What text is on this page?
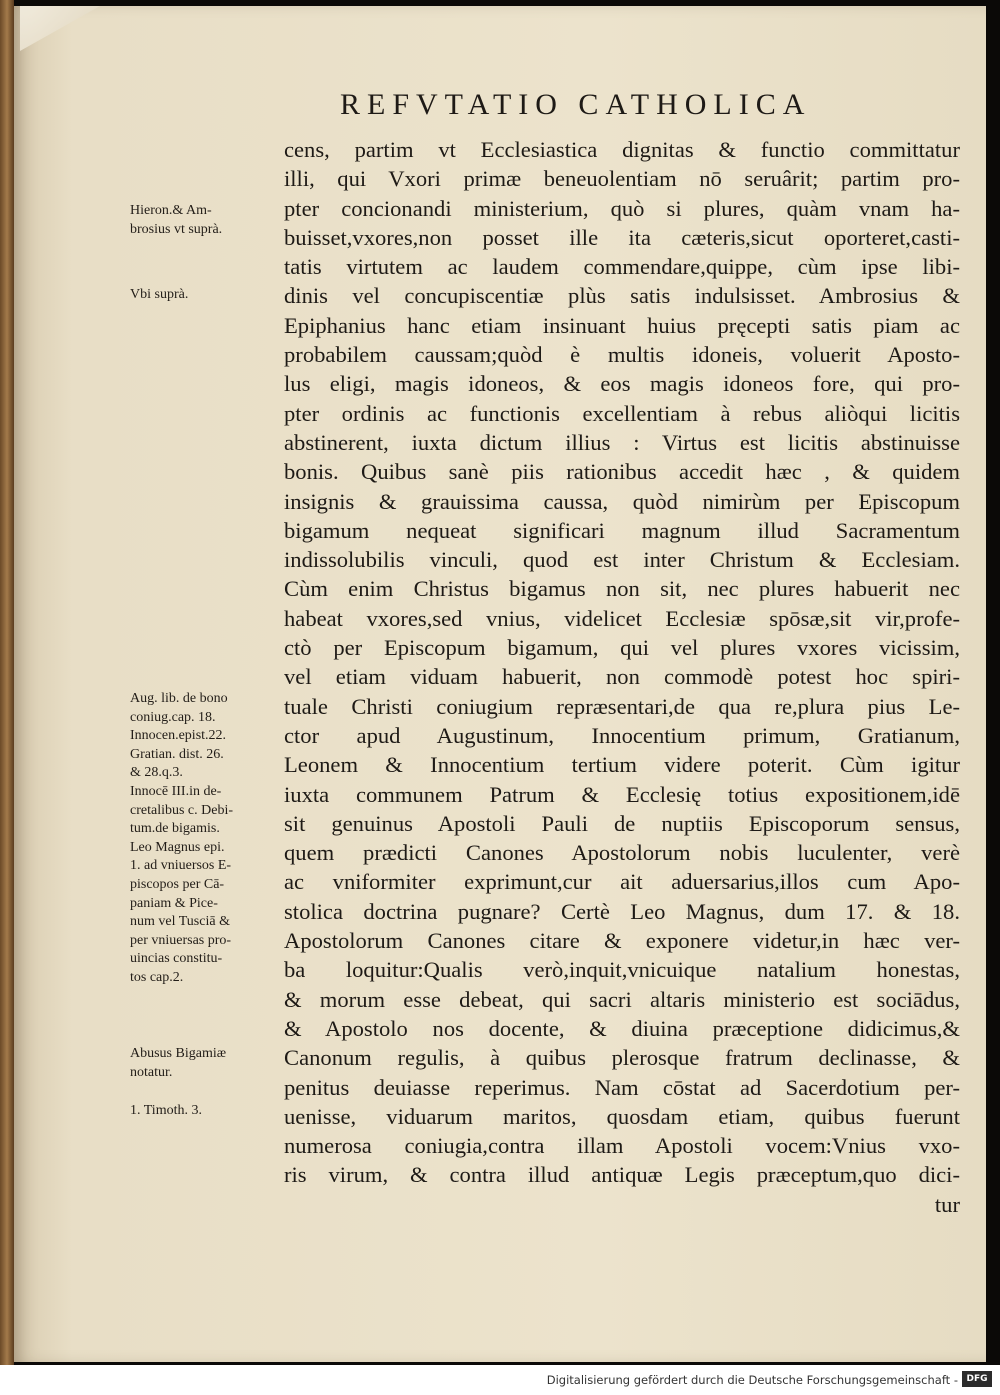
REFVTATIO CATHOLICA
cens, partim vt Ecclesiastica dignitas & functio committatur
illi, qui Vxori primæ beneuolentiam nō seruârit; partim pro-
pter concionandi ministerium, quò si plures, quàm vnam ha-
buisset,vxores,non posset ille ita cæteris,sicut oporteret,casti-
tatis virtutem ac laudem commendare,quippe, cùm ipse libi-
dinis vel concupiscentiæ plùs satis indulsisset. Ambrosius &
Epiphanius hanc etiam insinuant huius pręcepti satis piam ac
probabilem caussam;quòd è multis idoneis, voluerit Aposto-
lus eligi, magis idoneos, & eos magis idoneos fore, qui pro-
pter ordinis ac functionis excellentiam à rebus aliòqui licitis
abstinerent, iuxta dictum illius : Virtus est licitis abstinuisse
bonis. Quibus sanè piis rationibus accedit hæc , & quidem
insignis & grauissima caussa, quòd nimirùm per Episcopum
bigamum nequeat significari magnum illud Sacramentum
indissolubilis vinculi, quod est inter Christum & Ecclesiam.
Cùm enim Christus bigamus non sit, nec plures habuerit nec
habeat vxores,sed vnius, videlicet Ecclesiæ spōsæ,sit vir,profe-
ctò per Episcopum bigamum, qui vel plures vxores vicissim,
vel etiam viduam habuerit, non commodè potest hoc spiri-
tuale Christi coniugium repræsentari,de qua re,plura pius Le-
ctor apud Augustinum, Innocentium primum, Gratianum,
Leonem & Innocentium tertium videre poterit. Cùm igitur
iuxta communem Patrum & Ecclesię totius expositionem,idē
sit genuinus Apostoli Pauli de nuptiis Episcoporum sensus,
quem prædicti Canones Apostolorum nobis luculenter, verè
ac vniformiter exprimunt,cur ait aduersarius,illos cum Apo-
stolica doctrina pugnare? Certè Leo Magnus, dum 17. & 18.
Apostolorum Canones citare & exponere videtur,in hæc ver-
ba loquitur:Qualis verò,inquit,vnicuique natalium honestas,
& morum esse debeat, qui sacri altaris ministerio est sociādus,
& Apostolo nos docente, & diuina præceptione didicimus,&
Canonum regulis, à quibus plerosque fratrum declinasse, &
penitus deuiasse reperimus. Nam cōstat ad Sacerdotium per-
uenisse, viduarum maritos, quosdam etiam, quibus fuerunt
numerosa coniugia,contra illam Apostoli vocem:Vnius vxo-
ris virum, & contra illud antiquæ Legis præceptum,quo dici-
tur
Hieron.& Am-
brosius vt suprà.
Vbi suprà.
Aug. lib. de bono
coniug.cap. 18.
Innocen.epist.22.
Gratian. dist. 26.
& 28.q.3.
Innocē III.in de-
cretalibus c. Debi-
tum.de bigamis.
Leo Magnus epi.
1. ad vniuersos E-
piscopos per Cā-
paniam & Pice-
num vel Tusciā &
per vniuersas pro-
uincias constitu-
tos cap.2.
Abusus Bigamiæ
notatur.
1. Timoth. 3.
Digitalisierung gefördert durch die Deutsche Forschungsgemeinschaft - DFG
